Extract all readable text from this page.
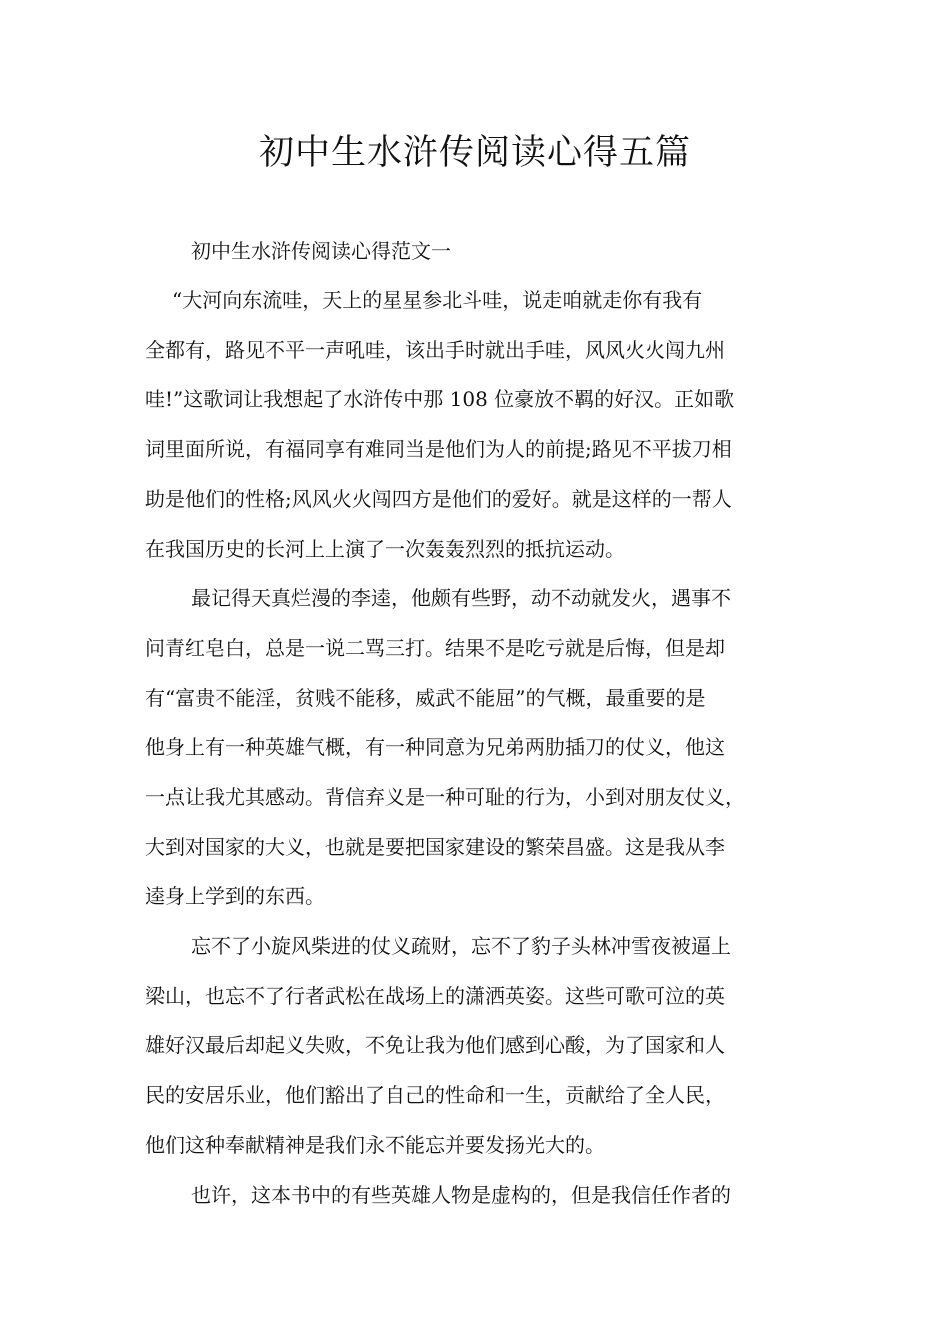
初中生水浒传阅读心得五篇
初中生水浒传阅读心得范文一
“大河向东流哇，天上的星星参北斗哇，说走咱就走你有我有
全都有，路见不平一声吼哇，该出手时就出手哇，风风火火闯九州
哇!”这歌词让我想起了水浒传中那 108 位豪放不羁的好汉。正如歌
词里面所说，有福同享有难同当是他们为人的前提;路见不平拔刀相
助是他们的性格;风风火火闯四方是他们的爱好。就是这样的一帮人
在我国历史的长河上上演了一次轰轰烈烈的抵抗运动。
最记得天真烂漫的李逵，他颇有些野，动不动就发火，遇事不
问青红皂白，总是一说二骂三打。结果不是吃亏就是后悔，但是却
有“富贵不能淫，贫贱不能移，威武不能屈”的气概，最重要的是
他身上有一种英雄气概，有一种同意为兄弟两肋插刀的仗义，他这
一点让我尤其感动。背信弃义是一种可耻的行为，小到对朋友仗义，
大到对国家的大义，也就是要把国家建设的繁荣昌盛。这是我从李
逵身上学到的东西。
忘不了小旋风柴进的仗义疏财，忘不了豹子头林冲雪夜被逼上
梁山，也忘不了行者武松在战场上的潇洒英姿。这些可歌可泣的英
雄好汉最后却起义失败，不免让我为他们感到心酸，为了国家和人
民的安居乐业，他们豁出了自己的性命和一生，贡献给了全人民，
他们这种奉献精神是我们永不能忘并要发扬光大的。
也许，这本书中的有些英雄人物是虚构的，但是我信任作者的
